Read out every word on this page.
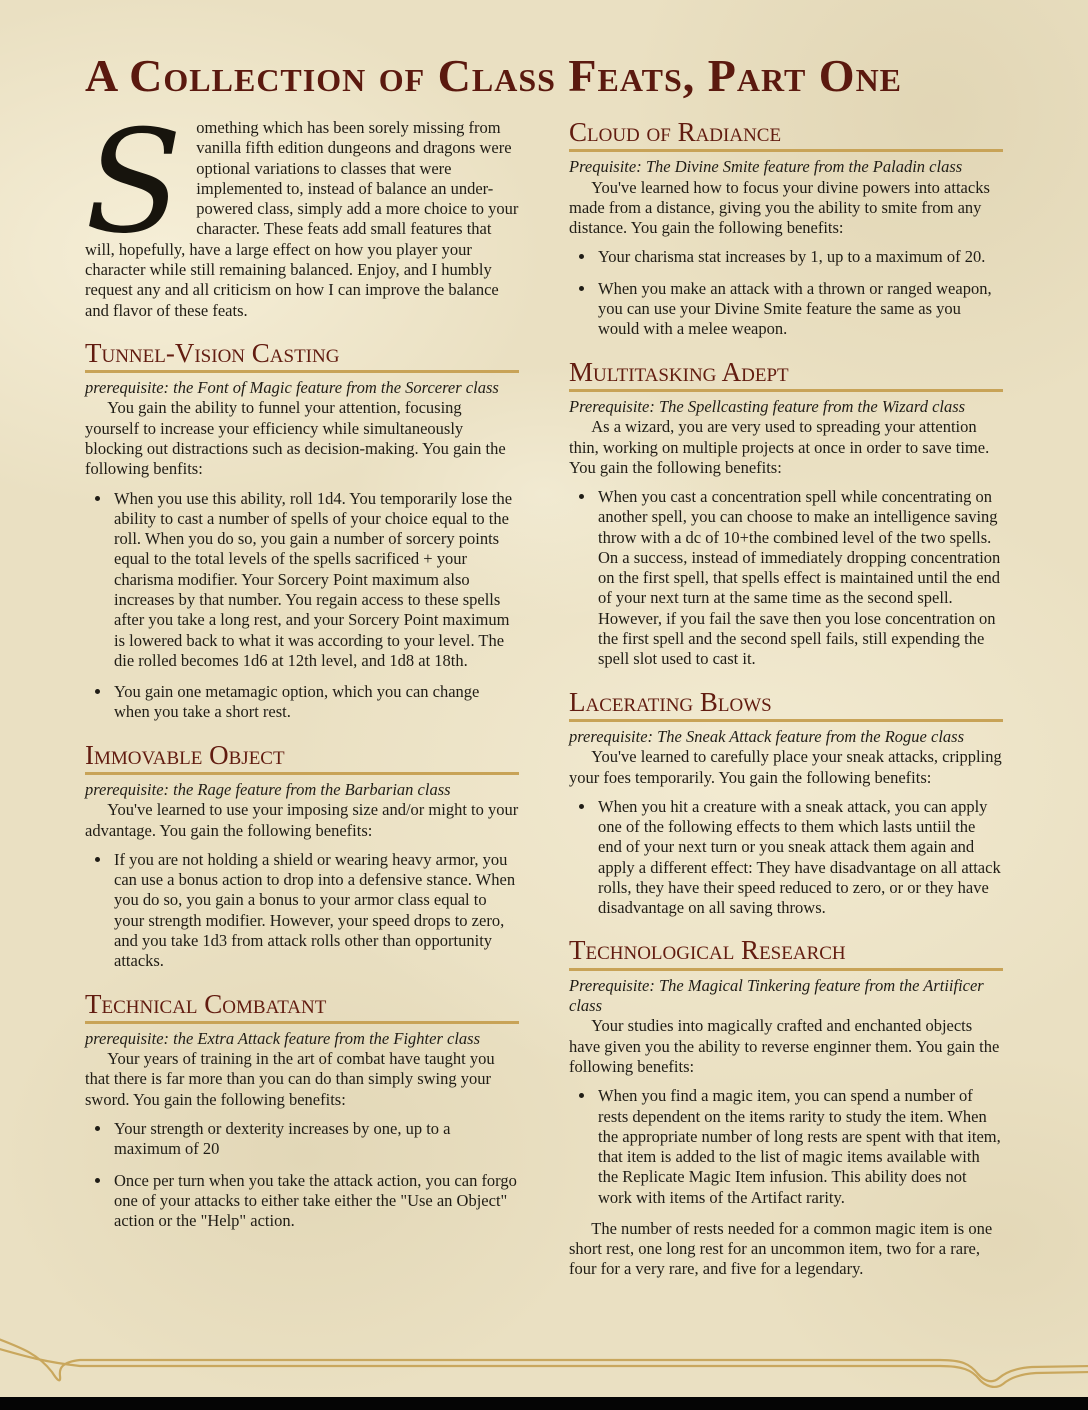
A Collection of Class Feats, Part One

Something which has been sorely missing from vanilla fifth edition dungeons and dragons were optional variations to classes that were implemented to, instead of balance an under-powered class, simply add a more choice to your character. These feats add small features that will, hopefully, have a large effect on how you player your character while still remaining balanced. Enjoy, and I humbly request any and all criticism on how I can improve the balance and flavor of these feats.

Tunnel-Vision Casting

prerequisite: the Font of Magic feature from the Sorcerer class

You gain the ability to funnel your attention, focusing yourself to increase your efficiency while simultaneously blocking out distractions such as decision-making. You gain the following benfits:

• When you use this ability, roll 1d4. You temporarily lose the ability to cast a number of spells of your choice equal to the roll. When you do so, you gain a number of sorcery points equal to the total levels of the spells sacrificed + your charisma modifier. Your Sorcery Point maximum also increases by that number. You regain access to these spells after you take a long rest, and your Sorcery Point maximum is lowered back to what it was according to your level. The die rolled becomes 1d6 at 12th level, and 1d8 at 18th.
• You gain one metamagic option, which you can change when you take a short rest.
Immovable Object

prerequisite: the Rage feature from the Barbarian class

You've learned to use your imposing size and/or might to your advantage. You gain the following benefits:

• If you are not holding a shield or wearing heavy armor, you can use a bonus action to drop into a defensive stance. When you do so, you gain a bonus to your armor class equal to your strength modifier. However, your speed drops to zero, and you take 1d3 from attack rolls other than opportunity attacks.
Technical Combatant

prerequisite: the Extra Attack feature from the Fighter class

Your years of training in the art of combat have taught you that there is far more than you can do than simply swing your sword. You gain the following benefits:

• Your strength or dexterity increases by one, up to a maximum of 20
• Once per turn when you take the attack action, you can forgo one of your attacks to either take either the "Use an Object" action or the "Help" action.
Cloud of Radiance

Prequisite: The Divine Smite feature from the Paladin class

You've learned how to focus your divine powers into attacks made from a distance, giving you the ability to smite from any distance. You gain the following benefits:

• Your charisma stat increases by 1, up to a maximum of 20.
• When you make an attack with a thrown or ranged weapon, you can use your Divine Smite feature the same as you would with a melee weapon.
Multitasking Adept

Prerequisite: The Spellcasting feature from the Wizard class

As a wizard, you are very used to spreading your attention thin, working on multiple projects at once in order to save time. You gain the following benefits:

• When you cast a concentration spell while concentrating on another spell, you can choose to make an intelligence saving throw with a dc of 10+the combined level of the two spells. On a success, instead of immediately dropping concentration on the first spell, that spells effect is maintained until the end of your next turn at the same time as the second spell. However, if you fail the save then you lose concentration on the first spell and the second spell fails, still expending the spell slot used to cast it.
Lacerating Blows

prerequisite: The Sneak Attack feature from the Rogue class

You've learned to carefully place your sneak attacks, crippling your foes temporarily. You gain the following benefits:

• When you hit a creature with a sneak attack, you can apply one of the following effects to them which lasts untiil the end of your next turn or you sneak attack them again and apply a different effect: They have disadvantage on all attack rolls, they have their speed reduced to zero, or or they have disadvantage on all saving throws.
Technological Research

Prerequisite: The Magical Tinkering feature from the Artiificer class

Your studies into magically crafted and enchanted objects have given you the ability to reverse enginner them. You gain the following benefits:

• When you find a magic item, you can spend a number of rests dependent on the items rarity to study the item. When the appropriate number of long rests are spent with that item, that item is added to the list of magic items available with the Replicate Magic Item infusion. This ability does not work with items of the Artifact rarity.

The number of rests needed for a common magic item is one short rest, one long rest for an uncommon item, two for a rare, four for a very rare, and five for a legendary.
